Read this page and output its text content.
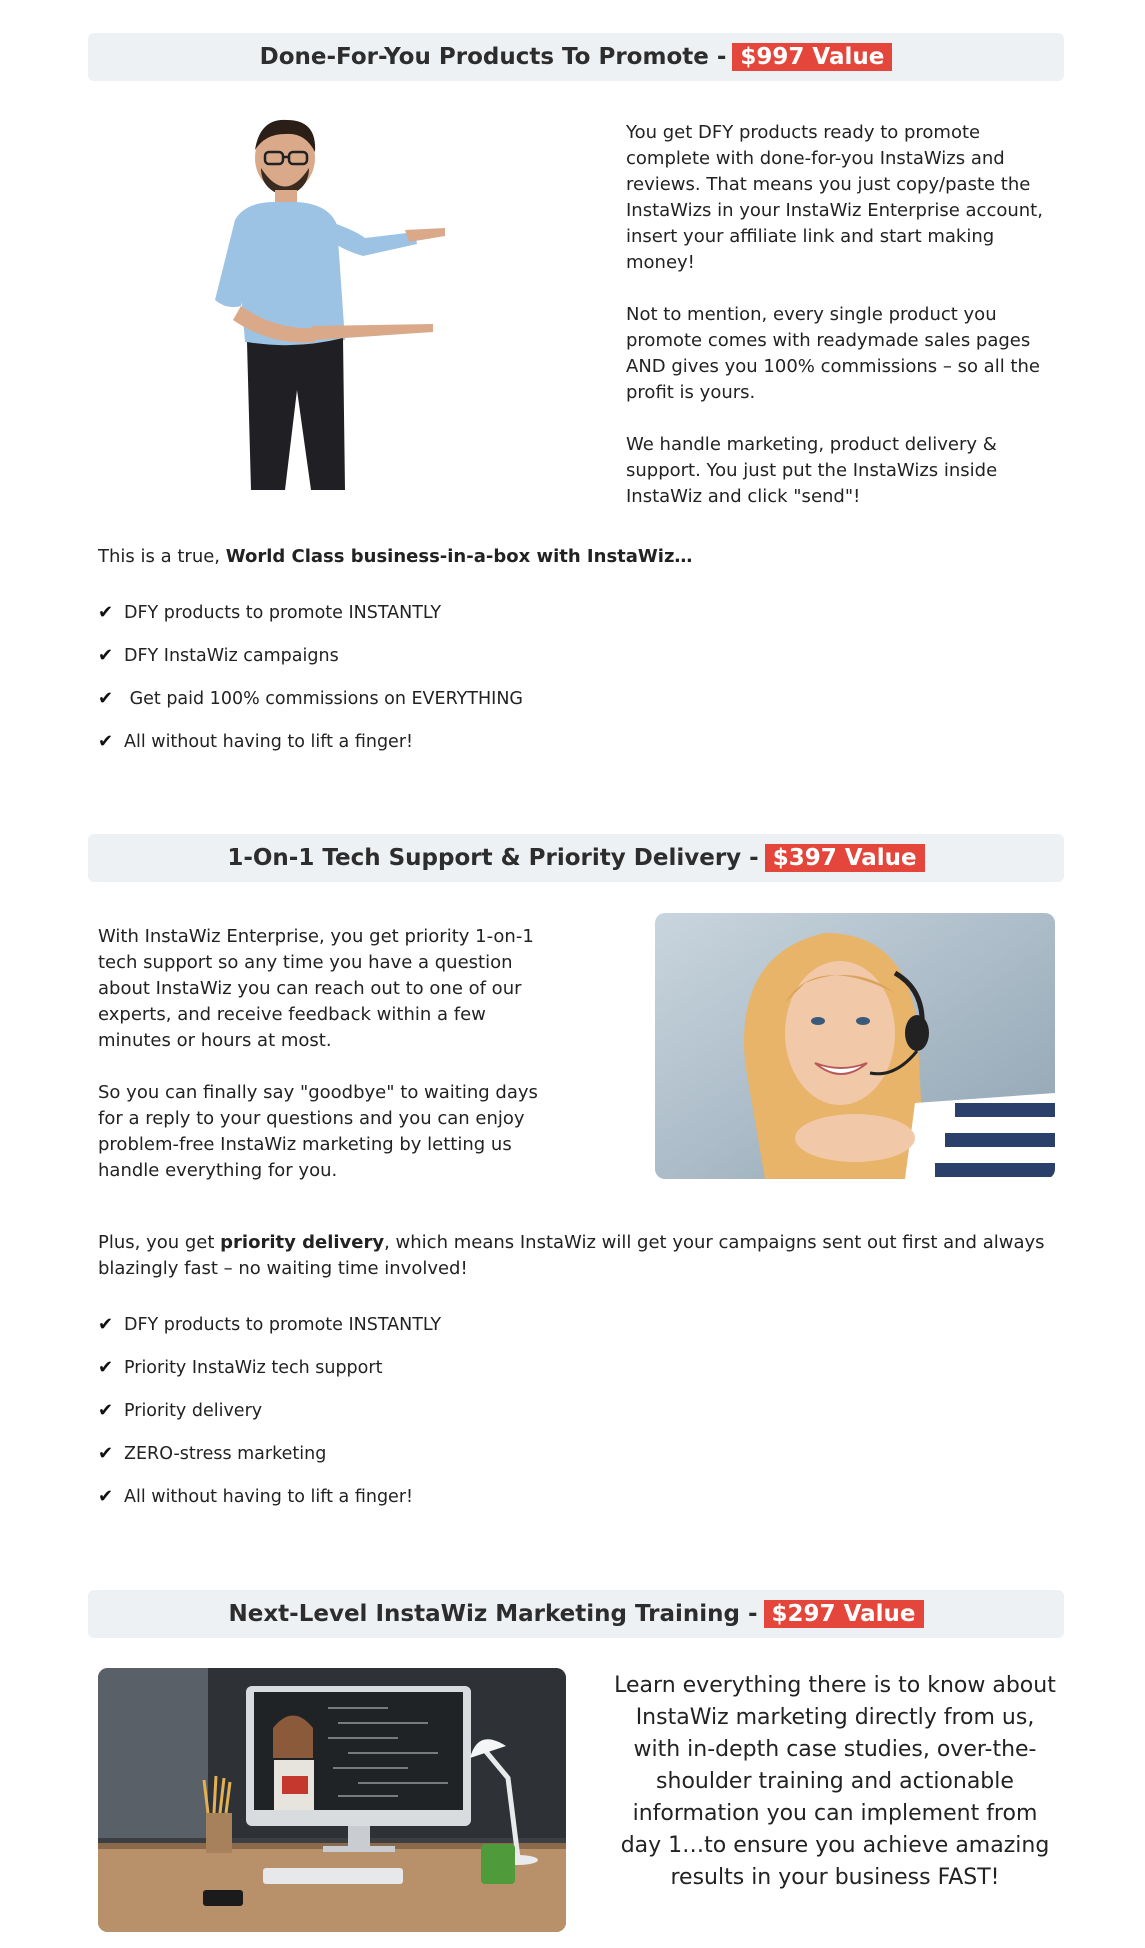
Done-For-You Products To Promote - $997 Value

You get DFY products ready to promote complete with done-for-you InstaWizs and reviews. That means you just copy/paste the InstaWizs in your InstaWiz Enterprise account, insert your affiliate link and start making money!

Not to mention, every single product you promote comes with readymade sales pages AND gives you 100% commissions – so all the profit is yours.

We handle marketing, product delivery & support. You just put the InstaWizs inside InstaWiz and click "send"!

This is a true, World Class business-in-a-box with InstaWiz…
✔ DFY products to promote INSTANTLY
✔ DFY InstaWiz campaigns
✔ Get paid 100% commissions on EVERYTHING
✔ All without having to lift a finger!
1-On-1 Tech Support & Priority Delivery - $397 Value

With InstaWiz Enterprise, you get priority 1-on-1 tech support so any time you have a question about InstaWiz you can reach out to one of our experts, and receive feedback within a few minutes or hours at most.

So you can finally say "goodbye" to waiting days for a reply to your questions and you can enjoy problem-free InstaWiz marketing by letting us handle everything for you.

Plus, you get priority delivery, which means InstaWiz will get your campaigns sent out first and always blazingly fast – no waiting time involved!
✔ DFY products to promote INSTANTLY
✔ Priority InstaWiz tech support
✔ Priority delivery
✔ ZERO-stress marketing
✔ All without having to lift a finger!
Next-Level InstaWiz Marketing Training - $297 Value
Learn everything there is to know about InstaWiz marketing directly from us, with in-depth case studies, over-the-shoulder training and actionable information you can implement from day 1…to ensure you achieve amazing results in your business FAST!
